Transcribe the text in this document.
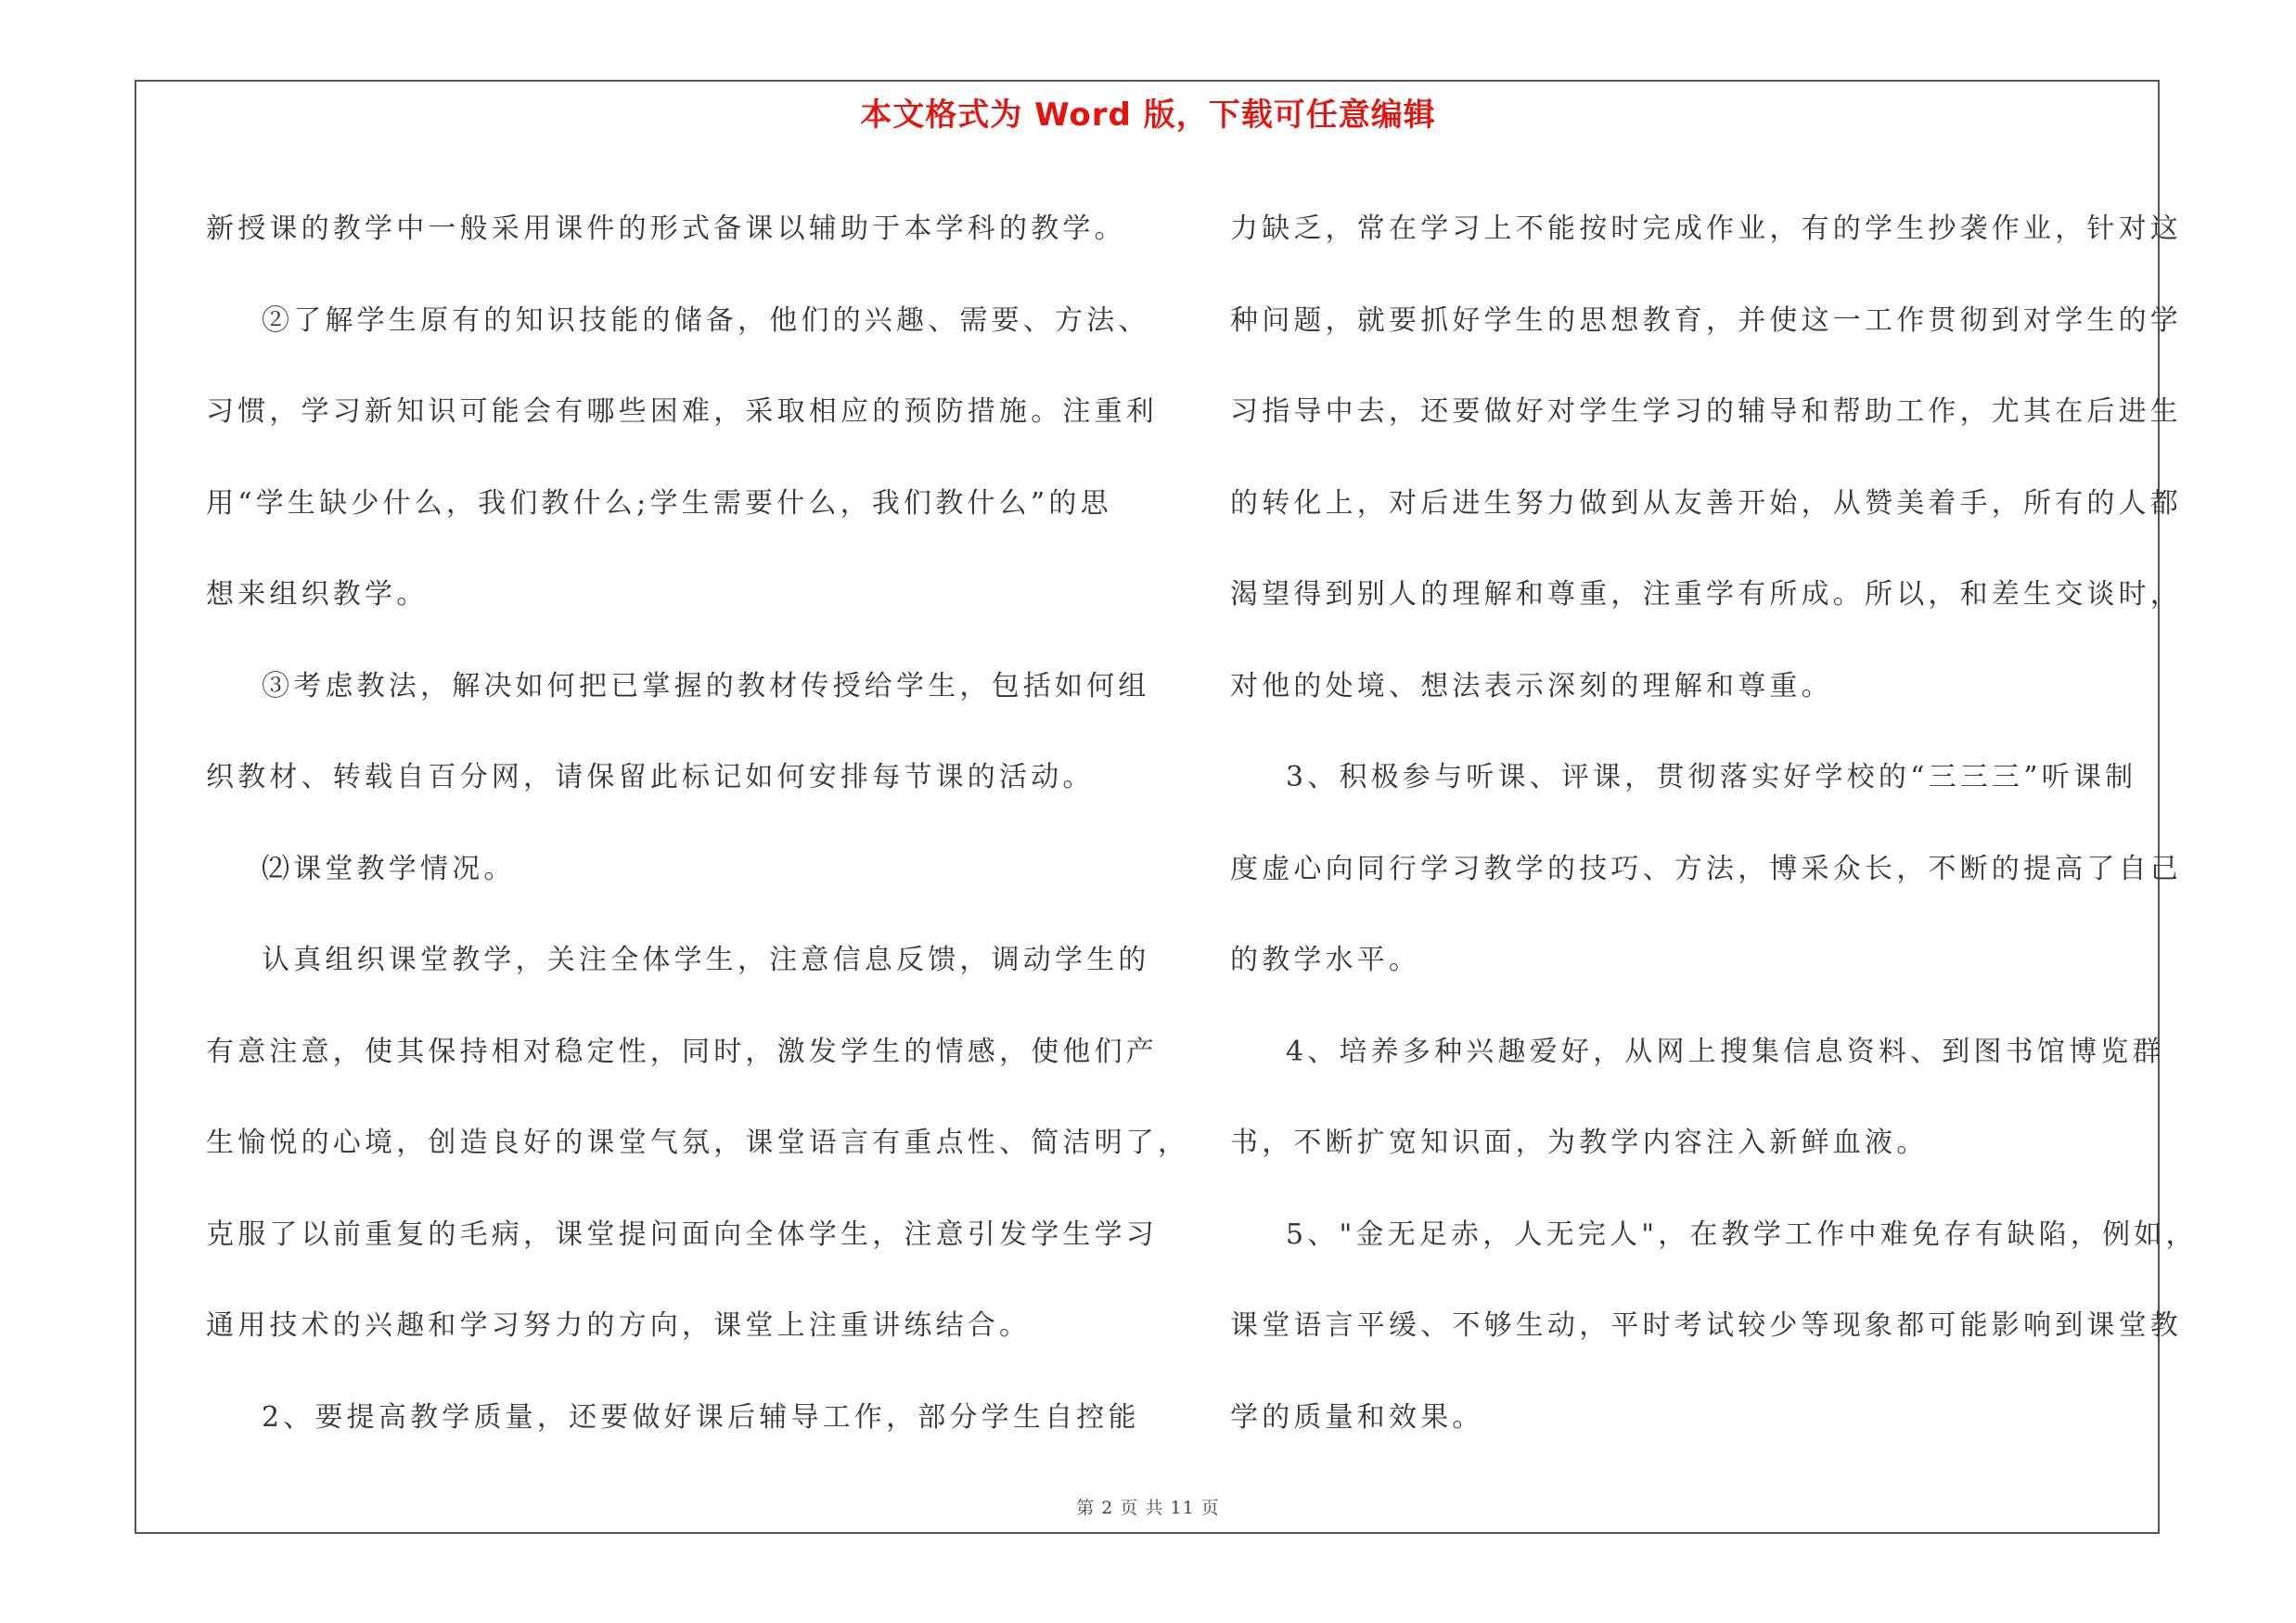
本文格式为 Word 版，下载可任意编辑
新授课的教学中一般采用课件的形式备课以辅助于本学科的教学。
②了解学生原有的知识技能的储备，他们的兴趣、需要、方法、
习惯，学习新知识可能会有哪些困难，采取相应的预防措施。注重利
用“学生缺少什么，我们教什么;学生需要什么，我们教什么”的思
想来组织教学。
③考虑教法，解决如何把已掌握的教材传授给学生，包括如何组
织教材、转载自百分网，请保留此标记如何安排每节课的活动。
⑵课堂教学情况。
认真组织课堂教学，关注全体学生，注意信息反馈，调动学生的
有意注意，使其保持相对稳定性，同时，激发学生的情感，使他们产
生愉悦的心境，创造良好的课堂气氛，课堂语言有重点性、简洁明了，
克服了以前重复的毛病，课堂提问面向全体学生，注意引发学生学习
通用技术的兴趣和学习努力的方向，课堂上注重讲练结合。
2、要提高教学质量，还要做好课后辅导工作，部分学生自控能
力缺乏，常在学习上不能按时完成作业，有的学生抄袭作业，针对这
种问题，就要抓好学生的思想教育，并使这一工作贯彻到对学生的学
习指导中去，还要做好对学生学习的辅导和帮助工作，尤其在后进生
的转化上，对后进生努力做到从友善开始，从赞美着手，所有的人都
渴望得到别人的理解和尊重，注重学有所成。所以，和差生交谈时，
对他的处境、想法表示深刻的理解和尊重。
3、积极参与听课、评课，贯彻落实好学校的“三三三”听课制
度虚心向同行学习教学的技巧、方法，博采众长，不断的提高了自己
的教学水平。
4、培养多种兴趣爱好，从网上搜集信息资料、到图书馆博览群
书，不断扩宽知识面，为教学内容注入新鲜血液。
5、"金无足赤，人无完人"，在教学工作中难免存有缺陷，例如，
课堂语言平缓、不够生动，平时考试较少等现象都可能影响到课堂教
学的质量和效果。
第 2 页 共 11 页
